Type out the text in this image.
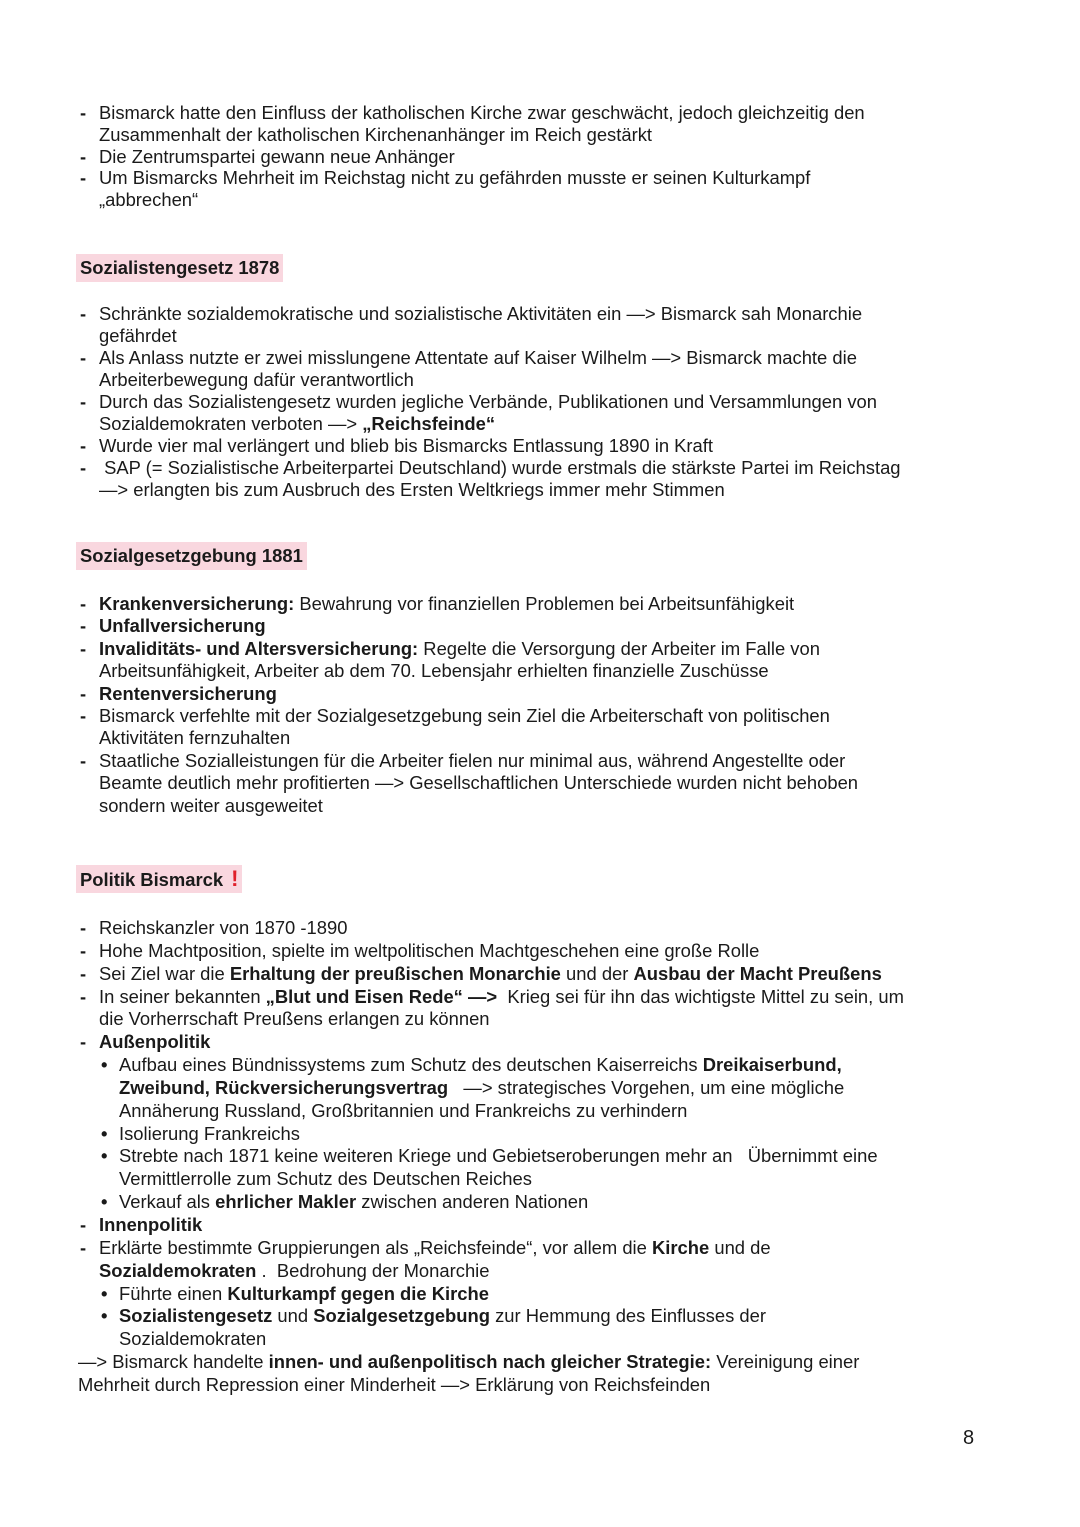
- Bismarck hatte den Einfluss der katholischen Kirche zwar geschwächt, jedoch gleichzeitig den
Zusammenhalt der katholischen Kirchenanhänger im Reich gestärkt
- Die Zentrumspartei gewann neue Anhänger
- Um Bismarcks Mehrheit im Reichstag nicht zu gefährden musste er seinen Kulturkampf
„abbrechen“
Sozialistengesetz 1878
- Schränkte sozialdemokratische und sozialistische Aktivitäten ein —> Bismarck sah Monarchie
gefährdet
- Als Anlass nutzte er zwei misslungene Attentate auf Kaiser Wilhelm —> Bismarck machte die
Arbeiterbewegung dafür verantwortlich
- Durch das Sozialistengesetz wurden jegliche Verbände, Publikationen und Versammlungen von
Sozialdemokraten verboten —> „Reichsfeinde“
- Wurde vier mal verlängert und blieb bis Bismarcks Entlassung 1890 in Kraft
- SAP (= Sozialistische Arbeiterpartei Deutschland) wurde erstmals die stärkste Partei im Reichstag
—> erlangten bis zum Ausbruch des Ersten Weltkriegs immer mehr Stimmen
Sozialgesetzgebung 1881
- Krankenversicherung: Bewahrung vor finanziellen Problemen bei Arbeitsunfähigkeit
- Unfallversicherung
- Invaliditäts- und Altersversicherung: Regelte die Versorgung der Arbeiter im Falle von
Arbeitsunfähigkeit, Arbeiter ab dem 70. Lebensjahr erhielten finanzielle Zuschüsse
- Rentenversicherung
- Bismarck verfehlte mit der Sozialgesetzgebung sein Ziel die Arbeiterschaft von politischen
Aktivitäten fernzuhalten
- Staatliche Sozialleistungen für die Arbeiter fielen nur minimal aus, während Angestellte oder
Beamte deutlich mehr profitierten —> Gesellschaftlichen Unterschiede wurden nicht behoben
sondern weiter ausgeweitet
Politik Bismarck !
- Reichskanzler von 1870 -1890
- Hohe Machtposition, spielte im weltpolitischen Machtgeschehen eine große Rolle
- Sei Ziel war die Erhaltung der preußischen Monarchie und der Ausbau der Macht Preußens
- In seiner bekannten „Blut und Eisen Rede“ —>  Krieg sei für ihn das wichtigste Mittel zu sein, um
die Vorherrschaft Preußens erlangen zu können
- Außenpolitik
• Aufbau eines Bündnissystems zum Schutz des deutschen Kaiserreichs Dreikaiserbund,
Zweibund, Rückversicherungsvertrag   —> strategisches Vorgehen, um eine mögliche
Annäherung Russland, Großbritannien und Frankreichs zu verhindern
• Isolierung Frankreichs
• Strebte nach 1871 keine weiteren Kriege und Gebietseroberungen mehr an   Übernimmt eine
Vermittlerrolle zum Schutz des Deutschen Reiches
• Verkauf als ehrlicher Makler zwischen anderen Nationen
- Innenpolitik
- Erklärte bestimmte Gruppierungen als „Reichsfeinde“, vor allem die Kirche und de
Sozialdemokraten .  Bedrohung der Monarchie
• Führte einen Kulturkampf gegen die Kirche
• Sozialistengesetz und Sozialgesetzgebung zur Hemmung des Einflusses der
Sozialdemokraten
—> Bismarck handelte innen- und außenpolitisch nach gleicher Strategie: Vereinigung einer
Mehrheit durch Repression einer Minderheit —> Erklärung von Reichsfeinden
8
